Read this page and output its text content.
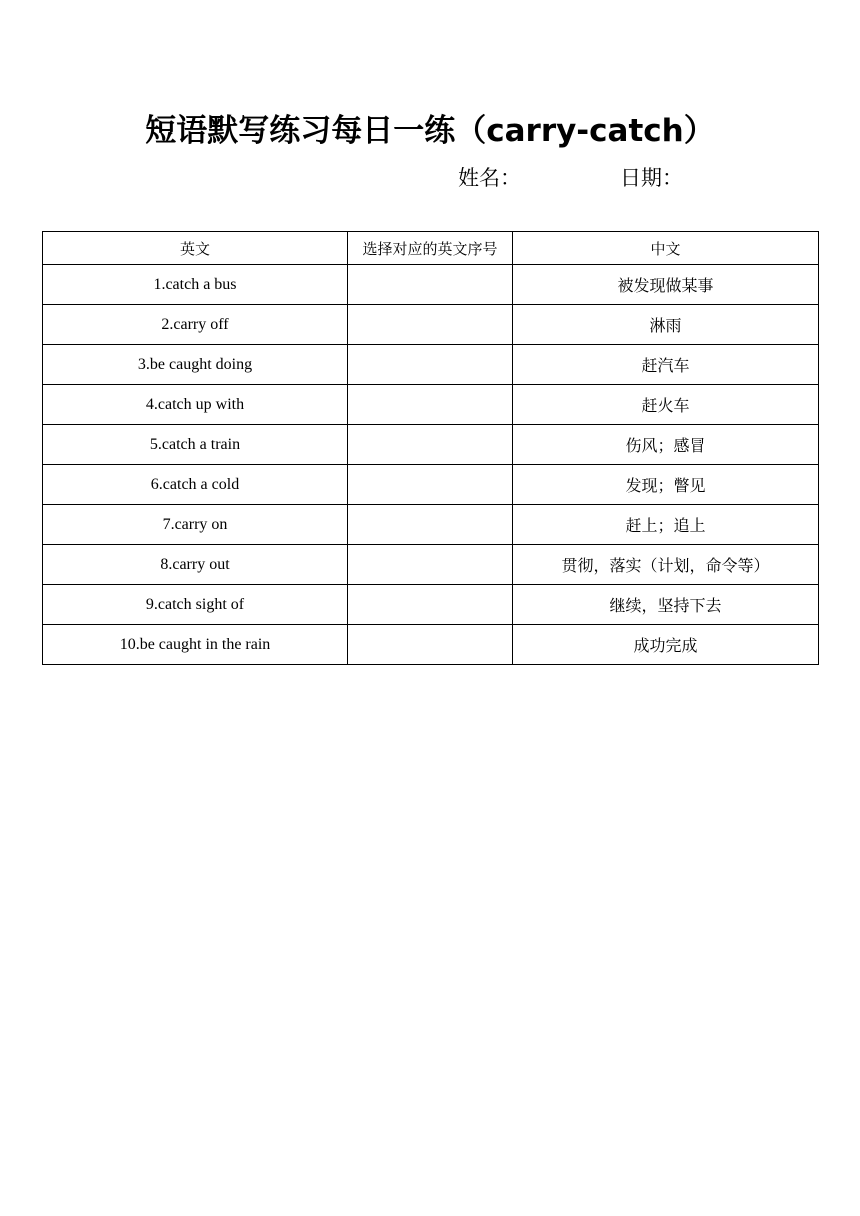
短语默写练习每日一练（carry-catch）
姓名：	日期：
英文	选择对应的英文序号	中文
1.catch a bus		被发现做某事
2.carry off		淋雨
3.be caught doing		赶汽车
4.catch up with		赶火车
5.catch a train		伤风；感冒
6.catch a cold		发现；瞥见
7.carry on		赶上；追上
8.carry out		贯彻，落实（计划，命令等）
9.catch sight of		继续，坚持下去
10.be caught in the rain		成功完成
